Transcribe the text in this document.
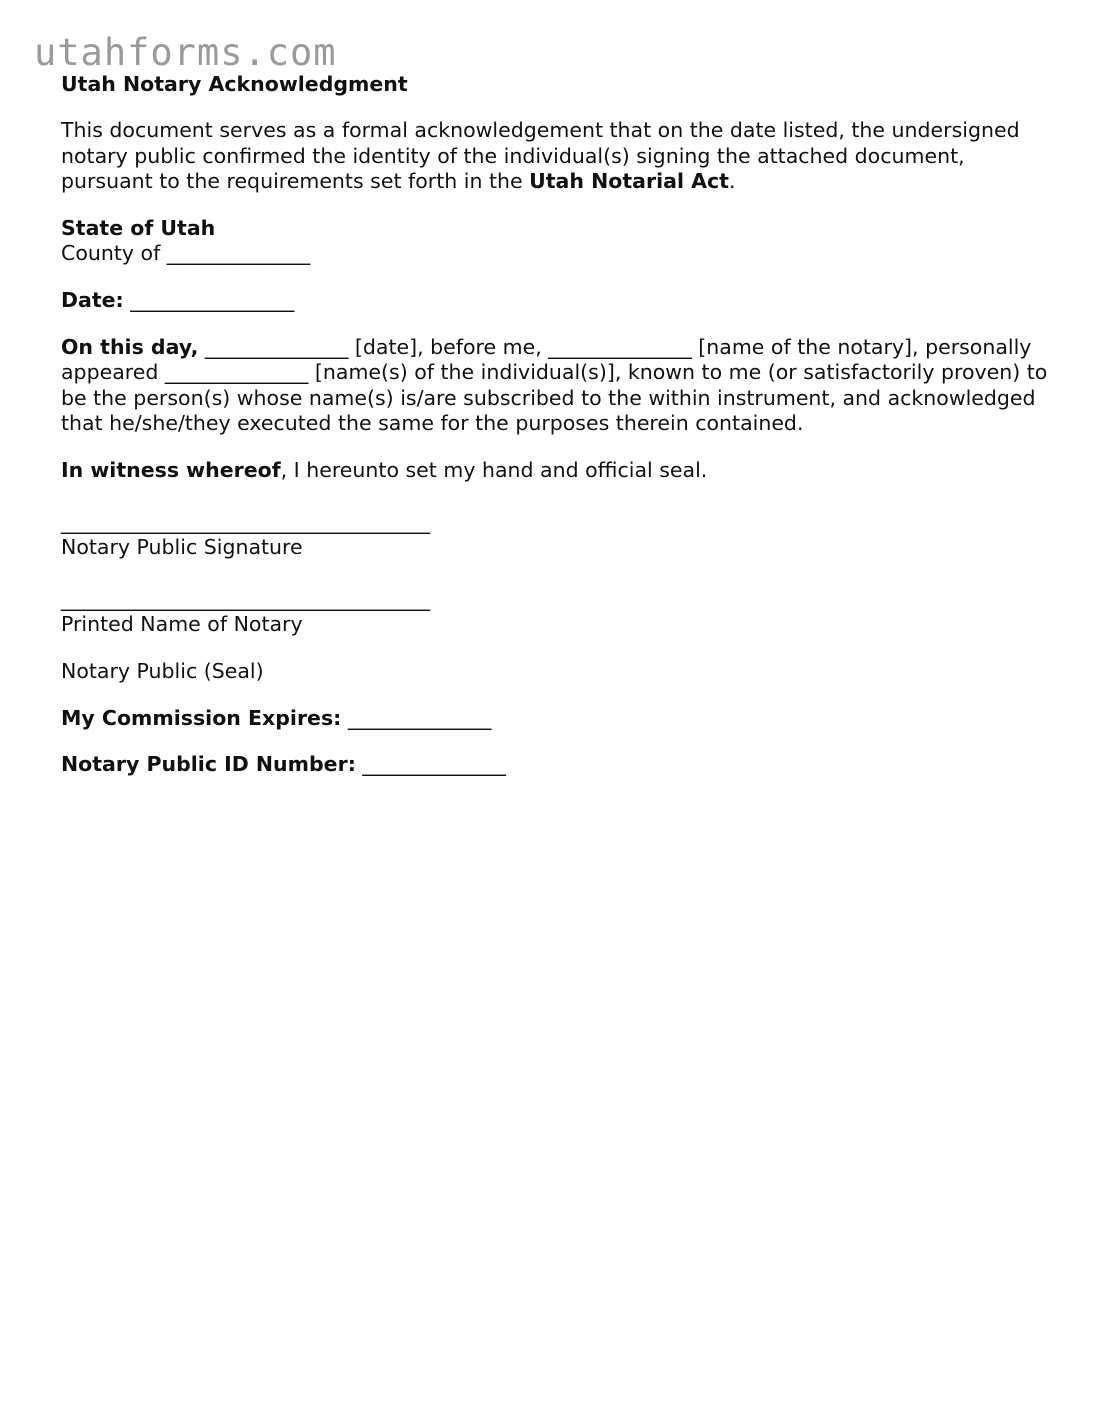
utahforms.com

Utah Notary Acknowledgment

This document serves as a formal acknowledgement that on the date listed, the undersigned notary public confirmed the identity of the individual(s) signing the attached document, pursuant to the requirements set forth in the Utah Notarial Act.

State of Utah

County of ______________

Date: ________________

On this day, ______________ [date], before me, ______________ [name of the notary], personally appeared ______________ [name(s) of the individual(s)], known to me (or satisfactorily proven) to be the person(s) whose name(s) is/are subscribed to the within instrument, and acknowledged that he/she/they executed the same for the purposes therein contained.

In witness whereof, I hereunto set my hand and official seal.

____________________________________

Notary Public Signature

____________________________________

Printed Name of Notary

Notary Public (Seal)

My Commission Expires: ______________

Notary Public ID Number: ______________
